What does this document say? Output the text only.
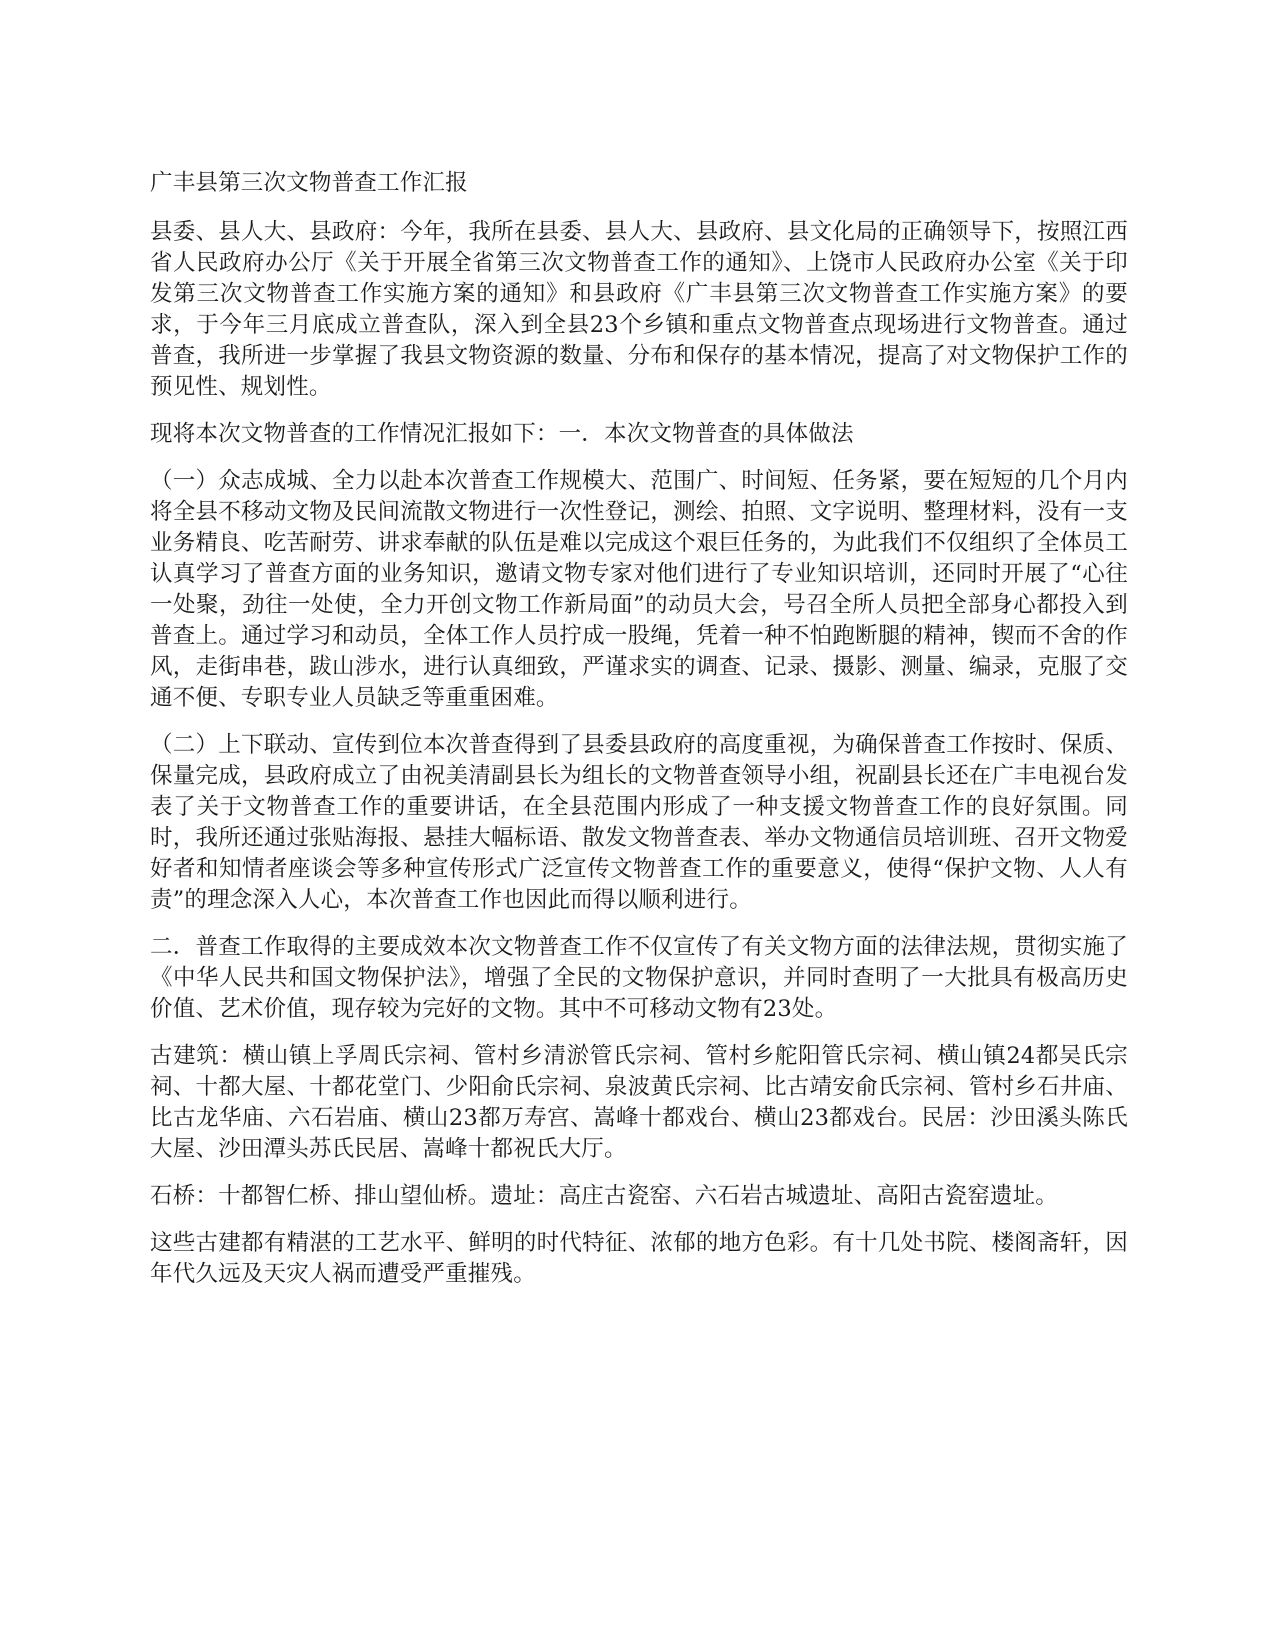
广丰县第三次文物普查工作汇报

县委、县人大、县政府：今年，我所在县委、县人大、县政府、县文化局的正确领导下，按照江西省人民政府办公厅《关于开展全省第三次文物普查工作的通知》、上饶市人民政府办公室《关于印发第三次文物普查工作实施方案的通知》和县政府《广丰县第三次文物普查工作实施方案》的要求，于今年三月底成立普查队，深入到全县23个乡镇和重点文物普查点现场进行文物普查。通过普查，我所进一步掌握了我县文物资源的数量、分布和保存的基本情况，提高了对文物保护工作的预见性、规划性。

现将本次文物普查的工作情况汇报如下：一．本次文物普查的具体做法

（一）众志成城、全力以赴本次普查工作规模大、范围广、时间短、任务紧，要在短短的几个月内将全县不移动文物及民间流散文物进行一次性登记，测绘、拍照、文字说明、整理材料，没有一支业务精良、吃苦耐劳、讲求奉献的队伍是难以完成这个艰巨任务的，为此我们不仅组织了全体员工认真学习了普查方面的业务知识，邀请文物专家对他们进行了专业知识培训，还同时开展了“心往一处聚，劲往一处使，全力开创文物工作新局面”的动员大会，号召全所人员把全部身心都投入到普查上。通过学习和动员，全体工作人员拧成一股绳，凭着一种不怕跑断腿的精神，锲而不舍的作风，走街串巷，跋山涉水，进行认真细致，严谨求实的调查、记录、摄影、测量、编录，克服了交通不便、专职专业人员缺乏等重重困难。

（二）上下联动、宣传到位本次普查得到了县委县政府的高度重视，为确保普查工作按时、保质、保量完成，县政府成立了由祝美清副县长为组长的文物普查领导小组，祝副县长还在广丰电视台发表了关于文物普查工作的重要讲话，在全县范围内形成了一种支援文物普查工作的良好氛围。同时，我所还通过张贴海报、悬挂大幅标语、散发文物普查表、举办文物通信员培训班、召开文物爱好者和知情者座谈会等多种宣传形式广泛宣传文物普查工作的重要意义，使得“保护文物、人人有责”的理念深入人心，本次普查工作也因此而得以顺利进行。

二．普查工作取得的主要成效本次文物普查工作不仅宣传了有关文物方面的法律法规，贯彻实施了《中华人民共和国文物保护法》，增强了全民的文物保护意识，并同时查明了一大批具有极高历史价值、艺术价值，现存较为完好的文物。其中不可移动文物有23处。

古建筑：横山镇上孚周氏宗祠、管村乡清淤管氏宗祠、管村乡舵阳管氏宗祠、横山镇24都吴氏宗祠、十都大屋、十都花堂门、少阳俞氏宗祠、泉波黄氏宗祠、比古靖安俞氏宗祠、管村乡石井庙、比古龙华庙、六石岩庙、横山23都万寿宫、嵩峰十都戏台、横山23都戏台。民居：沙田溪头陈氏大屋、沙田潭头苏氏民居、嵩峰十都祝氏大厅。

石桥：十都智仁桥、排山望仙桥。遗址：高庄古瓷窑、六石岩古城遗址、高阳古瓷窑遗址。

这些古建都有精湛的工艺水平、鲜明的时代特征、浓郁的地方色彩。有十几处书院、楼阁斋轩，因年代久远及天灾人祸而遭受严重摧残。
